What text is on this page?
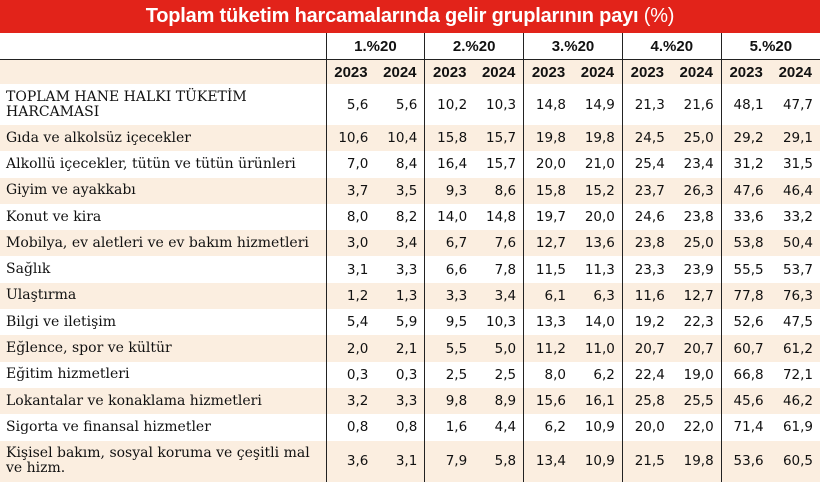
Toplam tüketim harcamalarında gelir gruplarının payı (%)
	1.%20		2.%20		3.%20		4.%20		5.%20	
	2023	2024	2023	2024	2023	2024	2023	2024	2023	2024
TOPLAM HANE HALKI TÜKETİM HARCAMASI	5,6	5,6	10,2	10,3	14,8	14,9	21,3	21,6	48,1	47,7
Gıda ve alkolsüz içecekler	10,6	10,4	15,8	15,7	19,8	19,8	24,5	25,0	29,2	29,1
Alkollü içecekler, tütün ve tütün ürünleri	7,0	8,4	16,4	15,7	20,0	21,0	25,4	23,4	31,2	31,5
Giyim ve ayakkabı	3,7	3,5	9,3	8,6	15,8	15,2	23,7	26,3	47,6	46,4
Konut ve kira	8,0	8,2	14,0	14,8	19,7	20,0	24,6	23,8	33,6	33,2
Mobilya, ev aletleri ve ev bakım hizmetleri	3,0	3,4	6,7	7,6	12,7	13,6	23,8	25,0	53,8	50,4
Sağlık	3,1	3,3	6,6	7,8	11,5	11,3	23,3	23,9	55,5	53,7
Ulaştırma	1,2	1,3	3,3	3,4	6,1	6,3	11,6	12,7	77,8	76,3
Bilgi ve iletişim	5,4	5,9	9,5	10,3	13,3	14,0	19,2	22,3	52,6	47,5
Eğlence, spor ve kültür	2,0	2,1	5,5	5,0	11,2	11,0	20,7	20,7	60,7	61,2
Eğitim hizmetleri	0,3	0,3	2,5	2,5	8,0	6,2	22,4	19,0	66,8	72,1
Lokantalar ve konaklama hizmetleri	3,2	3,3	9,8	8,9	15,6	16,1	25,8	25,5	45,6	46,2
Sigorta ve finansal hizmetler	0,8	0,8	1,6	4,4	6,2	10,9	20,0	22,0	71,4	61,9
Kişisel bakım, sosyal koruma ve çeşitli mal ve hizm.	3,6	3,1	7,9	5,8	13,4	10,9	21,5	19,8	53,6	60,5
